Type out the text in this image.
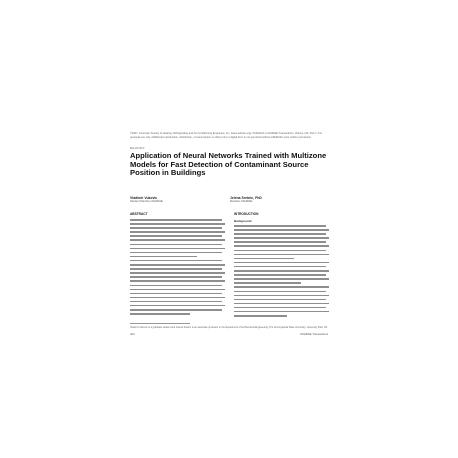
©2007, American Society of Heating, Refrigerating and Air-Conditioning Engineers, Inc. (www.ashrae.org). Published in ASHRAE Transactions, Volume 113, Part 1. For personal use only. Additional reproduction, distribution, or transmission in either print or digital form is not permitted without ASHRAE's prior written permission.
DA-07-017
Application of Neural Networks Trained with Multizone Models for Fast Detection of Contaminant Source Position in Buildings
Vladimir Vukovic
Student Member ASHRAE
Jelena Srebric, PhD
Member ASHRAE
ABSTRACT	INTRODUCTION
Background
Vladimir Vukovic is a graduate student and Jelena Srebric is an associate professor in the Department of Architectural Engineering, The Pennsylvania State University, University Park, PA.
424	ASHRAE Transactions
